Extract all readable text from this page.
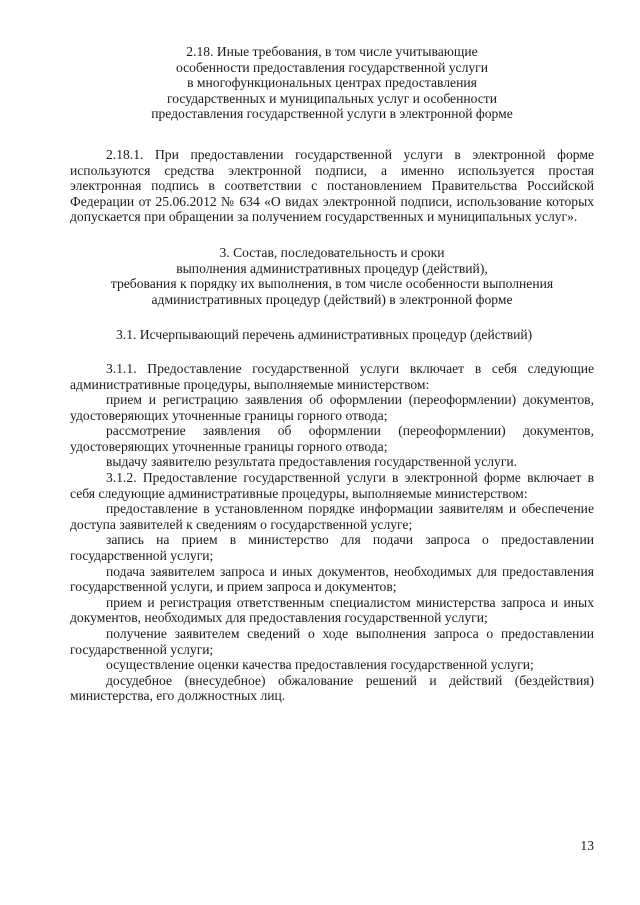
2.18. Иные требования, в том числе учитывающие
особенности предоставления государственной услуги
в многофункциональных центрах предоставления
государственных и муниципальных услуг и особенности
предоставления государственной услуги в электронной форме

2.18.1. При предоставлении государственной услуги в электронной форме используются средства электронной подписи, а именно используется простая электронная подпись в соответствии с постановлением Правительства Российской Федерации от 25.06.2012 № 634 «О видах электронной подписи, использование которых допускается при обращении за получением государственных и муниципальных услуг».

3. Состав, последовательность и сроки
выполнения административных процедур (действий),
требования к порядку их выполнения, в том числе особенности выполнения
административных процедур (действий) в электронной форме

3.1. Исчерпывающий перечень административных процедур (действий)

3.1.1. Предоставление государственной услуги включает в себя следующие административные процедуры, выполняемые министерством:

прием и регистрацию заявления об оформлении (переоформлении) документов, удостоверяющих уточненные границы горного отвода;

рассмотрение заявления об оформлении (переоформлении) документов, удостоверяющих уточненные границы горного отвода;

выдачу заявителю результата предоставления государственной услуги.

3.1.2. Предоставление государственной услуги в электронной форме включает в себя следующие административные процедуры, выполняемые министерством:

предоставление в установленном порядке информации заявителям и обеспечение доступа заявителей к сведениям о государственной услуге;

запись на прием в министерство для подачи запроса о предоставлении государственной услуги;

подача заявителем запроса и иных документов, необходимых для предоставления государственной услуги, и прием запроса и документов;

прием и регистрация ответственным специалистом министерства запроса и иных документов, необходимых для предоставления государственной услуги;

получение заявителем сведений о ходе выполнения запроса о предоставлении государственной услуги;

осуществление оценки качества предоставления государственной услуги;

досудебное (внесудебное) обжалование решений и действий (бездействия) министерства, его должностных лиц.

13
